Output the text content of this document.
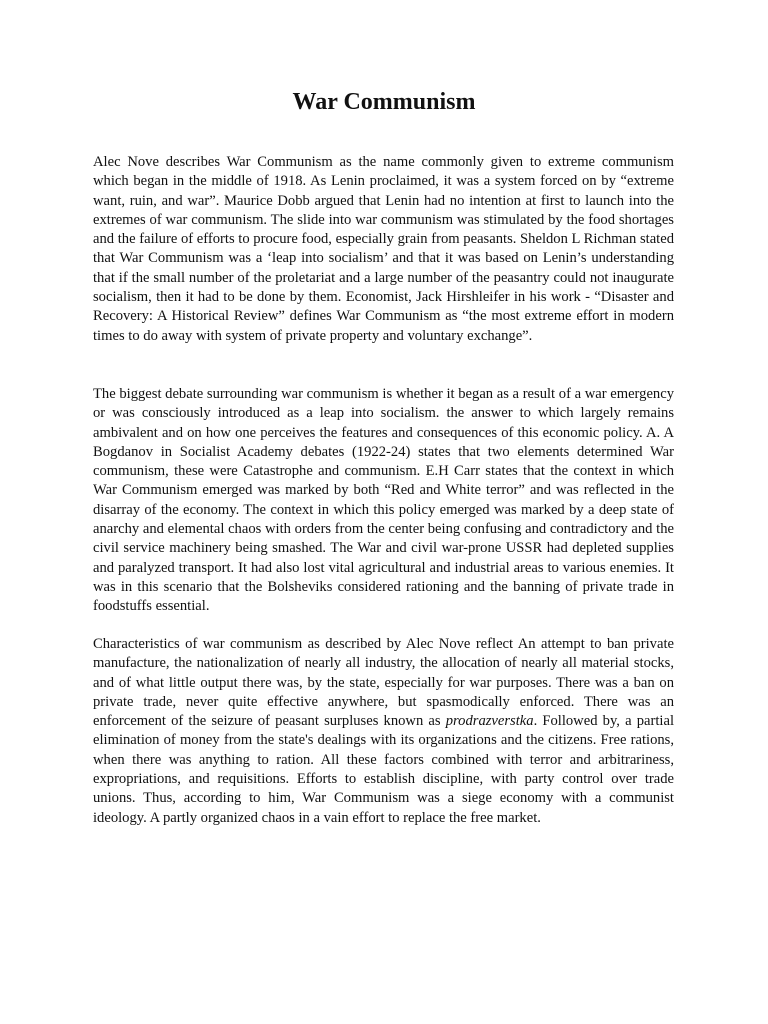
War Communism

Alec Nove describes War Communism as the name commonly given to extreme communism which began in the middle of 1918. As Lenin proclaimed, it was a system forced on by “extreme want, ruin, and war”. Maurice Dobb argued that Lenin had no intention at first to launch into the extremes of war communism. The slide into war communism was stimulated by the food shortages and the failure of efforts to procure food, especially grain from peasants. Sheldon L Richman stated that War Communism was a ‘leap into socialism’ and that it was based on Lenin’s understanding that if the small number of the proletariat and a large number of the peasantry could not inaugurate socialism, then it had to be done by them. Economist, Jack Hirshleifer in his work - “Disaster and Recovery: A Historical Review” defines War Communism as “the most extreme effort in modern times to do away with system of private property and voluntary exchange”.

The biggest debate surrounding war communism is whether it began as a result of a war emergency or was consciously introduced as a leap into socialism. the answer to which largely remains ambivalent and on how one perceives the features and consequences of this economic policy. A. A Bogdanov in Socialist Academy debates (1922-24) states that two elements determined War communism, these were Catastrophe and communism. E.H Carr states that the context in which War Communism emerged was marked by both “Red and White terror” and was reflected in the disarray of the economy. The context in which this policy emerged was marked by a deep state of anarchy and elemental chaos with orders from the center being confusing and contradictory and the civil service machinery being smashed. The War and civil war-prone USSR had depleted supplies and paralyzed transport. It had also lost vital agricultural and industrial areas to various enemies. It was in this scenario that the Bolsheviks considered rationing and the banning of private trade in foodstuffs essential.

Characteristics of war communism as described by Alec Nove reflect An attempt to ban private manufacture, the nationalization of nearly all industry, the allocation of nearly all material stocks, and of what little output there was, by the state, especially for war purposes. There was a ban on private trade, never quite effective anywhere, but spasmodically enforced. There was an enforcement of the seizure of peasant surpluses known as prodrazverstka. Followed by, a partial elimination of money from the state's dealings with its organizations and the citizens. Free rations, when there was anything to ration. All these factors combined with terror and arbitrariness, expropriations, and requisitions. Efforts to establish discipline, with party control over trade unions. Thus, according to him, War Communism was a siege economy with a communist ideology. A partly organized chaos in a vain effort to replace the free market.
